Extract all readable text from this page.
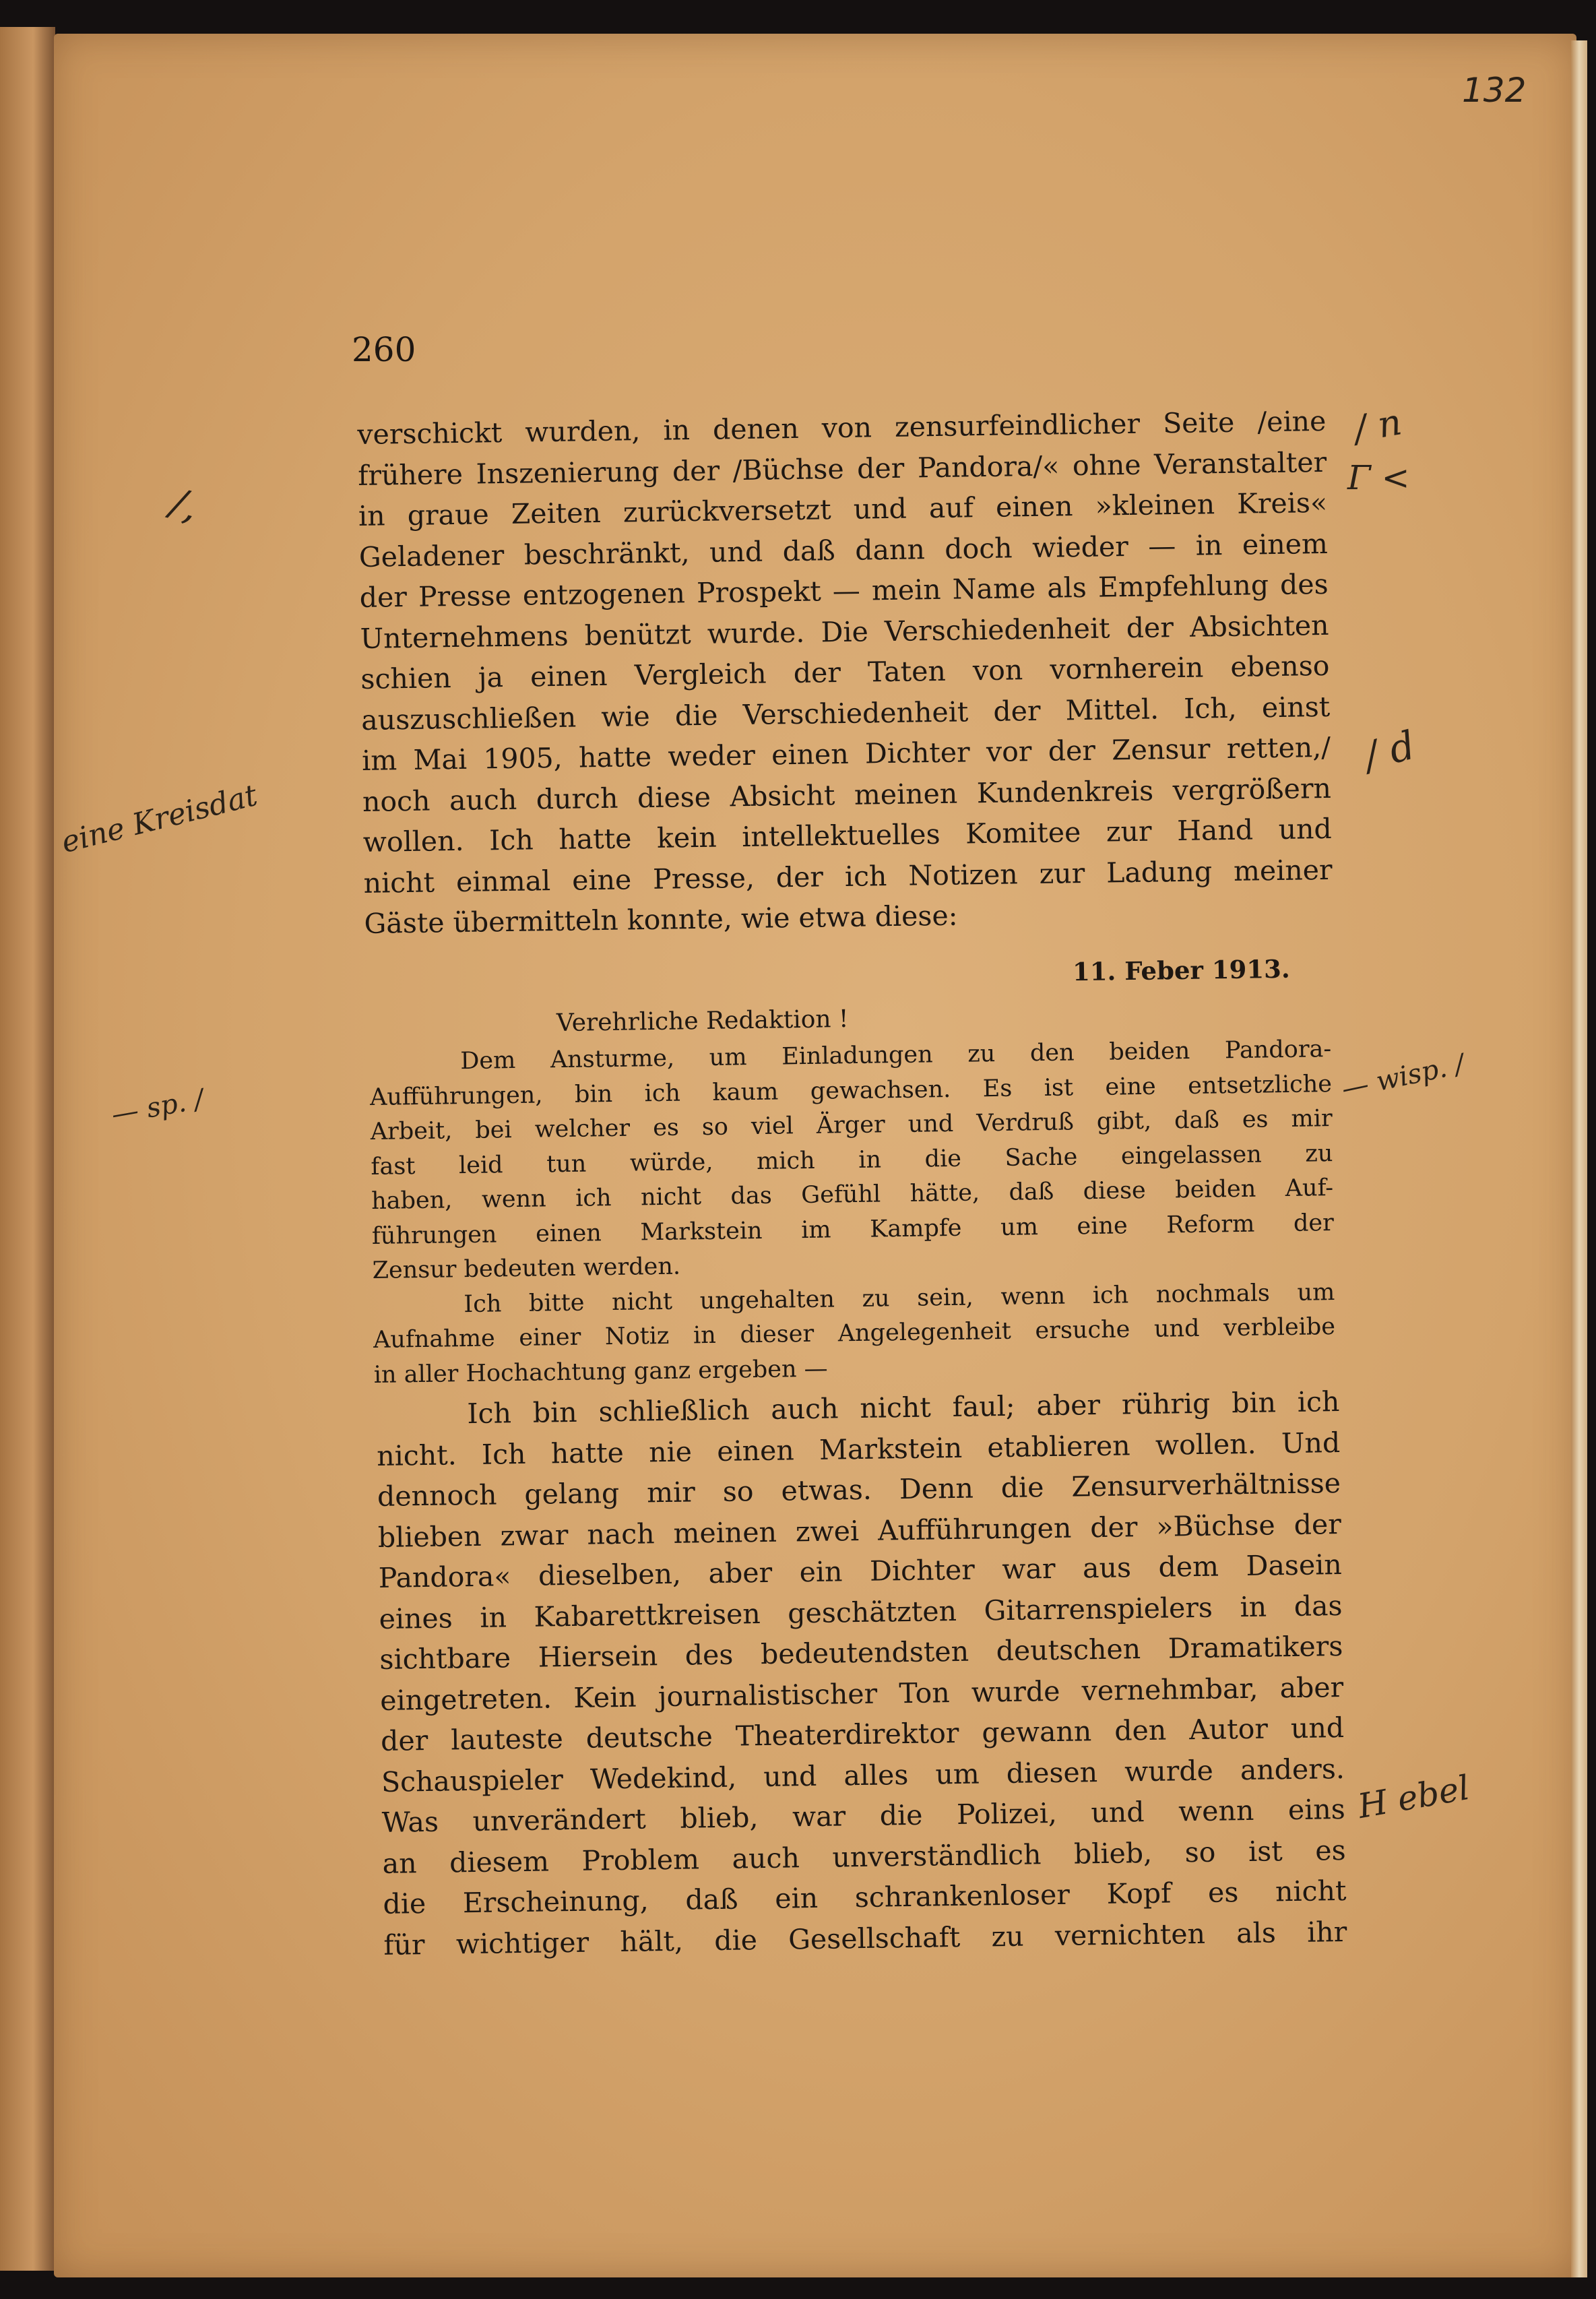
132
260
verschickt wurden, in denen von zensurfeindlicher Seite /eine
frühere Inszenierung der /Büchse der Pandora/« ohne Veranstalter
in graue Zeiten zurückversetzt und auf einen »kleinen Kreis«
Geladener beschränkt, und daß dann doch wieder — in einem
der Presse entzogenen Prospekt — mein Name als Empfehlung des
Unternehmens benützt wurde. Die Verschiedenheit der Absichten
schien ja einen Vergleich der Taten von vornherein ebenso
auszuschließen wie die Verschiedenheit der Mittel. Ich, einst
im Mai 1905, hatte weder einen Dichter vor der Zensur retten,/
noch auch durch diese Absicht meinen Kundenkreis vergrößern
wollen. Ich hatte kein intellektuelles Komitee zur Hand und
nicht einmal eine Presse, der ich Notizen zur Ladung meiner
Gäste übermitteln konnte, wie etwa diese:
11. Feber 1913.
Verehrliche Redaktion !
Dem Ansturme, um Einladungen zu den beiden Pandora-
Aufführungen, bin ich kaum gewachsen. Es ist eine entsetzliche
Arbeit, bei welcher es so viel Ärger und Verdruß gibt, daß es mir
fast leid tun würde, mich in die Sache eingelassen zu
haben, wenn ich nicht das Gefühl hätte, daß diese beiden Auf-
führungen einen Markstein im Kampfe um eine Reform der
Zensur bedeuten werden.
Ich bitte nicht ungehalten zu sein, wenn ich nochmals um
Aufnahme einer Notiz in dieser Angelegenheit ersuche und verbleibe
in aller Hochachtung ganz ergeben —
Ich bin schließlich auch nicht faul; aber rührig bin ich
nicht. Ich hatte nie einen Markstein etablieren wollen. Und
dennoch gelang mir so etwas. Denn die Zensurverhältnisse
blieben zwar nach meinen zwei Aufführungen der »Büchse der
Pandora« dieselben, aber ein Dichter war aus dem Dasein
eines in Kabarettkreisen geschätzten Gitarrenspielers in das
sichtbare Hiersein des bedeutendsten deutschen Dramatikers
eingetreten. Kein journalistischer Ton wurde vernehmbar, aber
der lauteste deutsche Theaterdirektor gewann den Autor und
Schauspieler Wedekind, und alles um diesen wurde anders.
Was unverändert blieb, war die Polizei, und wenn eins
an diesem Problem auch unverständlich blieb, so ist es
die Erscheinung, daß ein schrankenloser Kopf es nicht
für wichtiger hält, die Gesellschaft zu vernichten als ihr
/,
eine Kreisdat
— sp. /
/ n
Γ <
/ d
— wisp. /
H ebel
